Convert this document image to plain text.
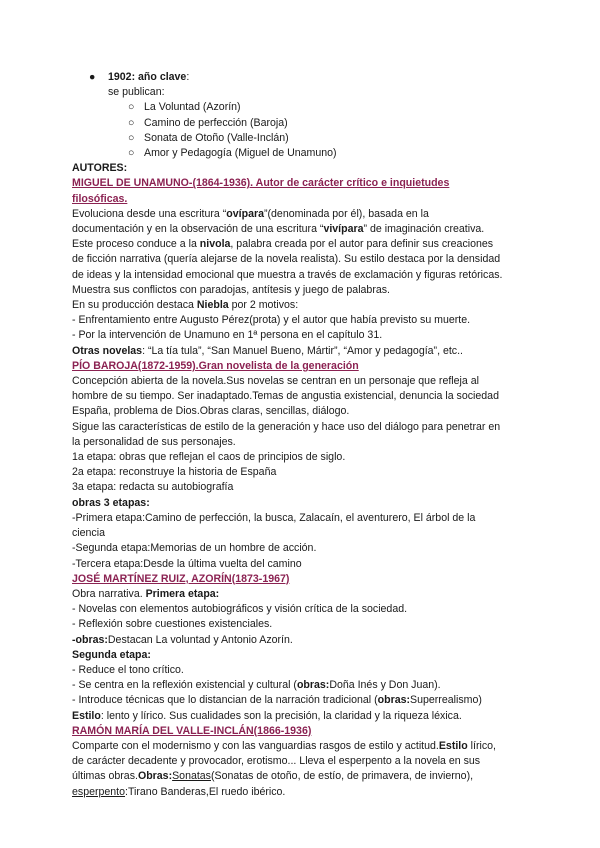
● 1902: año clave:
se publican:
○ La Voluntad (Azorín)
○ Camino de perfección (Baroja)
○ Sonata de Otoño (Valle-Inclán)
○ Amor y Pedagogía (Miguel de Unamuno)
AUTORES:
MIGUEL DE UNAMUNO-(1864-1936). Autor de carácter crítico e inquietudes
filosóficas.
Evoluciona desde una escritura “ovípara”(denominada por él), basada en la
documentación y en la observación de una escritura “vivípara” de imaginación creativa.
Este proceso conduce a la nivola, palabra creada por el autor para definir sus creaciones
de ficción narrativa (quería alejarse de la novela realista). Su estilo destaca por la densidad
de ideas y la intensidad emocional que muestra a través de exclamación y figuras retóricas.
Muestra sus conflictos con paradojas, antítesis y juego de palabras.
En su producción destaca Niebla por 2 motivos:
- Enfrentamiento entre Augusto Pérez(prota) y el autor que había previsto su muerte.
- Por la intervención de Unamuno en 1ª persona en el capítulo 31.
Otras novelas: “La tía tula”, “San Manuel Bueno, Mártir”, “Amor y pedagogía”, etc..
PÍO BAROJA(1872-1959).Gran novelista de la generación
Concepción abierta de la novela.Sus novelas se centran en un personaje que refleja al
hombre de su tiempo. Ser inadaptado.Temas de angustia existencial, denuncia la sociedad
España, problema de Dios.Obras claras, sencillas, diálogo.
Sigue las características de estilo de la generación y hace uso del diálogo para penetrar en
la personalidad de sus personajes.
1a etapa: obras que reflejan el caos de principios de siglo.
2a etapa: reconstruye la historia de España
3a etapa: redacta su autobiografía
obras 3 etapas:
-Primera etapa:Camino de perfección, la busca, Zalacaín, el aventurero, El árbol de la
ciencia
-Segunda etapa:Memorias de un hombre de acción.
-Tercera etapa:Desde la última vuelta del camino
JOSÉ MARTÍNEZ RUIZ, AZORÍN(1873-1967)
Obra narrativa. Primera etapa:
- Novelas con elementos autobiográficos y visión crítica de la sociedad.
- Reflexión sobre cuestiones existenciales.
-obras:Destacan La voluntad y Antonio Azorín.
Segunda etapa:
- Reduce el tono crítico.
- Se centra en la reflexión existencial y cultural (obras:Doña Inés y Don Juan).
- Introduce técnicas que lo distancian de la narración tradicional (obras:Superrealismo)
Estilo: lento y lírico. Sus cualidades son la precisión, la claridad y la riqueza léxica.
RAMÓN MARÍA DEL VALLE-INCLÁN(1866-1936)
Comparte con el modernismo y con las vanguardias rasgos de estilo y actitud.Estilo lírico,
de carácter decadente y provocador, erotismo... Lleva el esperpento a la novela en sus
últimas obras.Obras:Sonatas(Sonatas de otoño, de estío, de primavera, de invierno),
esperpento:Tirano Banderas,El ruedo ibérico.
